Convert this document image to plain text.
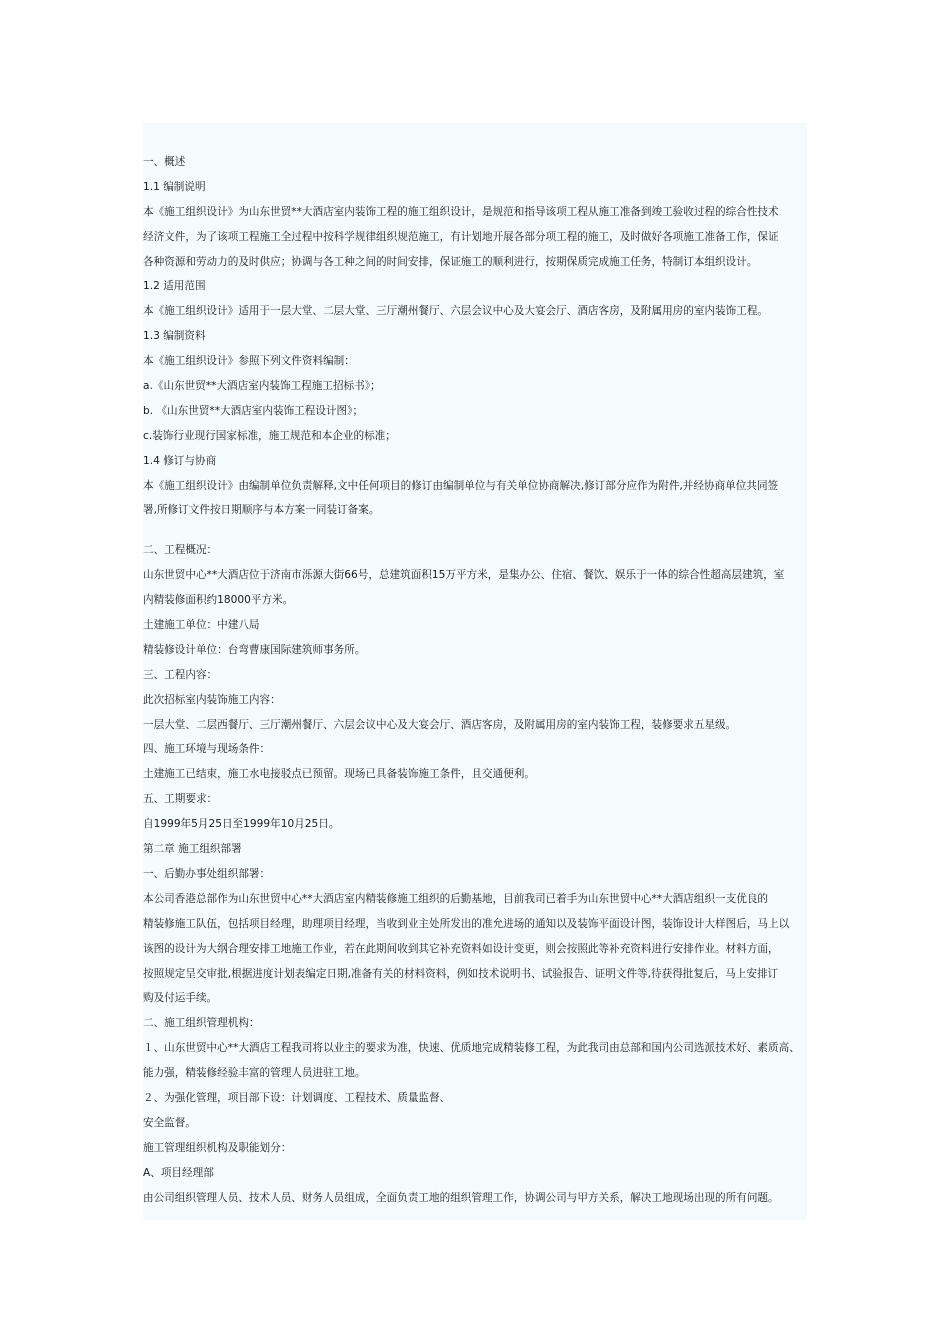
一、概述
1.1 编制说明
本《施工组织设计》为山东世贸**大酒店室内装饰工程的施工组织设计，是规范和指导该项工程从施工准备到竣工验收过程的综合性技术
经济文件，为了该项工程施工全过程中按科学规律组织规范施工，有计划地开展各部分项工程的施工，及时做好各项施工准备工作，保证
各种资源和劳动力的及时供应；协调与各工种之间的时间安排，保证施工的顺利进行，按期保质完成施工任务，特制订本组织设计。
1.2 适用范围
本《施工组织设计》适用于一层大堂、二层大堂、三厅潮州餐厅、六层会议中心及大宴会厅、酒店客房，及附属用房的室内装饰工程。
1.3 编制资料
本《施工组织设计》参照下列文件资料编制：
a.《山东世贸**大酒店室内装饰工程施工招标书》；
b. 《山东世贸**大酒店室内装饰工程设计图》；
c.装饰行业现行国家标准，施工规范和本企业的标准；
1.4 修订与协商
本《施工组织设计》由编制单位负责解释,文中任何项目的修订由编制单位与有关单位协商解决,修订部分应作为附件,并经协商单位共同签
署,所修订文件按日期顺序与本方案一同装订备案。
二、工程概况：
山东世贸中心**大酒店位于济南市泺源大街66号，总建筑面积15万平方米，是集办公、住宿、餐饮、娱乐于一体的综合性超高层建筑，室
内精装修面积约18000平方米。
土建施工单位：中建八局
精装修设计单位：台弯曹康国际建筑师事务所。
三、工程内容：
此次招标室内装饰施工内容：
一层大堂、二层西餐厅、三厅潮州餐厅、六层会议中心及大宴会厅、酒店客房，及附属用房的室内装饰工程，装修要求五星级。
四、施工环境与现场条件：
土建施工已结束，施工水电接驳点已预留。现场已具备装饰施工条件，且交通便利。
五、工期要求：
自1999年5月25日至1999年10月25日。
第二章 施工组织部署
一、后勤办事处组织部署：
本公司香港总部作为山东世贸中心**大酒店室内精装修施工组织的后勤基地，目前我司已着手为山东世贸中心**大酒店组织一支优良的
精装修施工队伍，包括项目经理，助理项目经理，当收到业主处所发出的准允进场的通知以及装饰平面设计图，装饰设计大样图后，马上以
该图的设计为大纲合理安排工地施工作业，若在此期间收到其它补充资料如设计变更，则会按照此等补充资料进行安排作业。材料方面，
按照规定呈交审批,根据进度计划表编定日期,准备有关的材料资料，例如技术说明书、试验报告、证明文件等,待获得批复后，马上安排订
购及付运手续。
二、施工组织管理机构：
１、山东世贸中心**大酒店工程我司将以业主的要求为准，快速、优质地完成精装修工程，为此我司由总部和国内公司选派技术好、素质高、
能力强，精装修经验丰富的管理人员进驻工地。
２、为强化管理，项目部下设：计划调度、工程技术、质量监督、
安全监督。
施工管理组织机构及职能划分：
A、项目经理部
由公司组织管理人员、技术人员、财务人员组成，全面负责工地的组织管理工作，协调公司与甲方关系，解决工地现场出现的所有问题。
